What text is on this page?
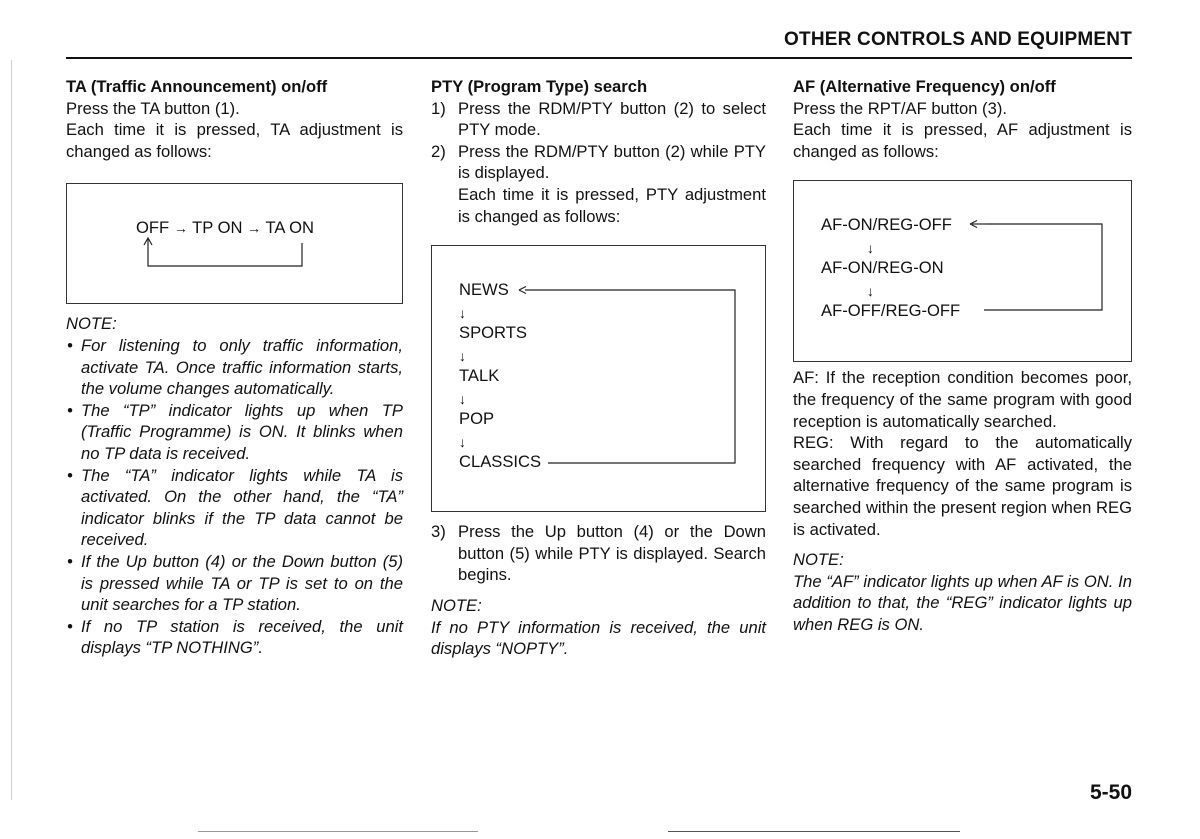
OTHER CONTROLS AND EQUIPMENT

TA (Traffic Announcement) on/off

Press the TA button (1).

Each time it is pressed, TA adjustment is changed as follows:

OFF → TP ON → TA ON

NOTE:

• For listening to only traffic information, activate TA. Once traffic information starts, the volume changes automatically.
• The “TP” indicator lights up when TP (Traffic Programme) is ON. It blinks when no TP data is received.
• The “TA” indicator lights while TA is activated. On the other hand, the “TA” indicator blinks if the TP data cannot be received.
• If the Up button (4) or the Down button (5) is pressed while TA or TP is set to on the unit searches for a TP station.
• If no TP station is received, the unit displays “TP NOTHING”.

PTY (Program Type) search

1) Press the RDM/PTY button (2) to select PTY mode.
2) Press the RDM/PTY button (2) while PTY is displayed.
Each time it is pressed, PTY adjustment is changed as follows:
NEWS
↓
SPORTS
↓
TALK
↓
POP
↓
CLASSICS
3) Press the Up button (4) or the Down button (5) while PTY is displayed. Search begins.

NOTE:

If no PTY information is received, the unit displays “NOPTY”.

AF (Alternative Frequency) on/off

Press the RPT/AF button (3).

Each time it is pressed, AF adjustment is changed as follows:

AF-ON/REG-OFF
↓
AF-ON/REG-ON
↓
AF-OFF/REG-OFF

AF: If the reception condition becomes poor, the frequency of the same program with good reception is automatically searched.

REG: With regard to the automatically searched frequency with AF activated, the alternative frequency of the same program is searched within the present region when REG is activated.

NOTE:

The “AF” indicator lights up when AF is ON. In addition to that, the “REG” indicator lights up when REG is ON.

5-50
